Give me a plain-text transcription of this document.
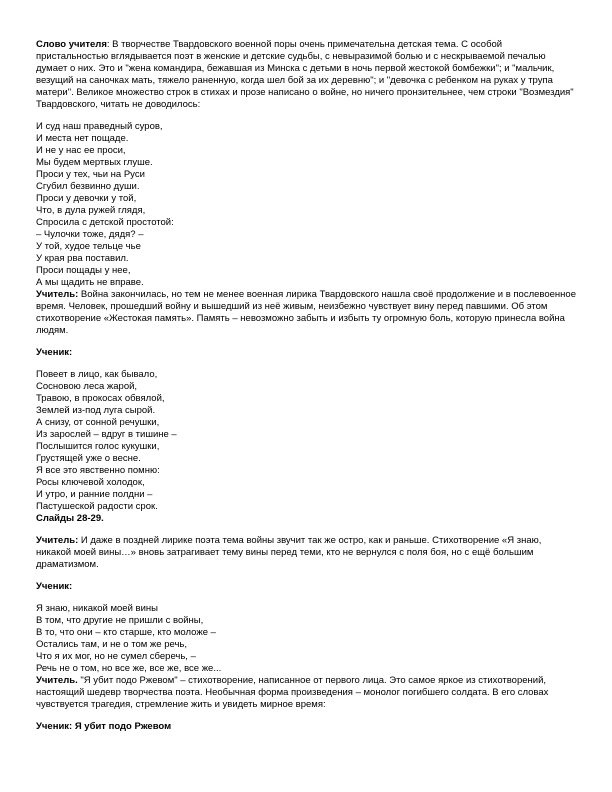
Слово учителя: В творчестве Твардовского военной поры очень примечательна детская тема. С особой пристальностью вглядывается поэт в женские и детские судьбы, с невыразимой болью и с нескрываемой печалью думает о них. Это и "жена командира, бежавшая из Минска с детьми в ночь первой жестокой бомбежки"; и "мальчик, везущий на саночках мать, тяжело раненную, когда шел бой за их деревню"; и "девочка с ребенком на руках у трупа матери". Великое множество строк в стихах и прозе написано о войне, но ничего пронзительнее, чем строки "Возмездия" Твардовского, читать не доводилось:

И суд наш праведный суров,
И места нет пощаде.
И не у нас ее проси,
Мы будем мертвых глуше.
Проси у тех, чьи на Руси
Сгубил безвинно души.
Проси у девочки у той,
Что, в дула ружей глядя,
Спросила с детской простотой:
– Чулочки тоже, дядя? –
У той, худое тельце чье
У края рва поставил.
Проси пощады у нее,
А мы щадить не вправе.

Учитель: Война закончилась, но тем не менее военная лирика Твардовского нашла своё продолжение и в послевоенное время. Человек, прошедший войну и вышедший из неё живым, неизбежно чувствует вину перед павшими. Об этом стихотворение «Жестокая память». Память – невозможно забыть и избыть ту огромную боль, которую принесла война людям.

Ученик:

Повеет в лицо, как бывало,
Сосновою леса жарой,
Травою, в прокосах обвялой,
Землей из-под луга сырой.
А снизу, от сонной речушки,
Из зарослей – вдруг в тишине –
Послышится голос кукушки,
Грустящей уже о весне.
Я все это явственно помню:
Росы ключевой холодок,
И утро, и ранние полдни –
Пастушеской радости срок.

Слайды 28-29.

Учитель: И даже в поздней лирике поэта тема войны звучит так же остро, как и раньше. Стихотворение «Я знаю, никакой моей вины…» вновь затрагивает тему вины перед теми, кто не вернулся с поля боя, но с ещё большим драматизмом.

Ученик:

Я знаю, никакой моей вины
В том, что другие не пришли с войны,
В то, что они – кто старше, кто моложе –
Остались там, и не о том же речь,
Что я их мог, но не сумел сберечь, –
Речь не о том, но все же, все же, все же...

Учитель. "Я убит подо Ржевом" – стихотворение, написанное от первого лица. Это самое яркое из стихотворений, настоящий шедевр творчества поэта. Необычная форма произведения – монолог погибшего солдата. В его словах чувствуется трагедия, стремление жить и увидеть мирное время:

Ученик: Я убит подо Ржевом
